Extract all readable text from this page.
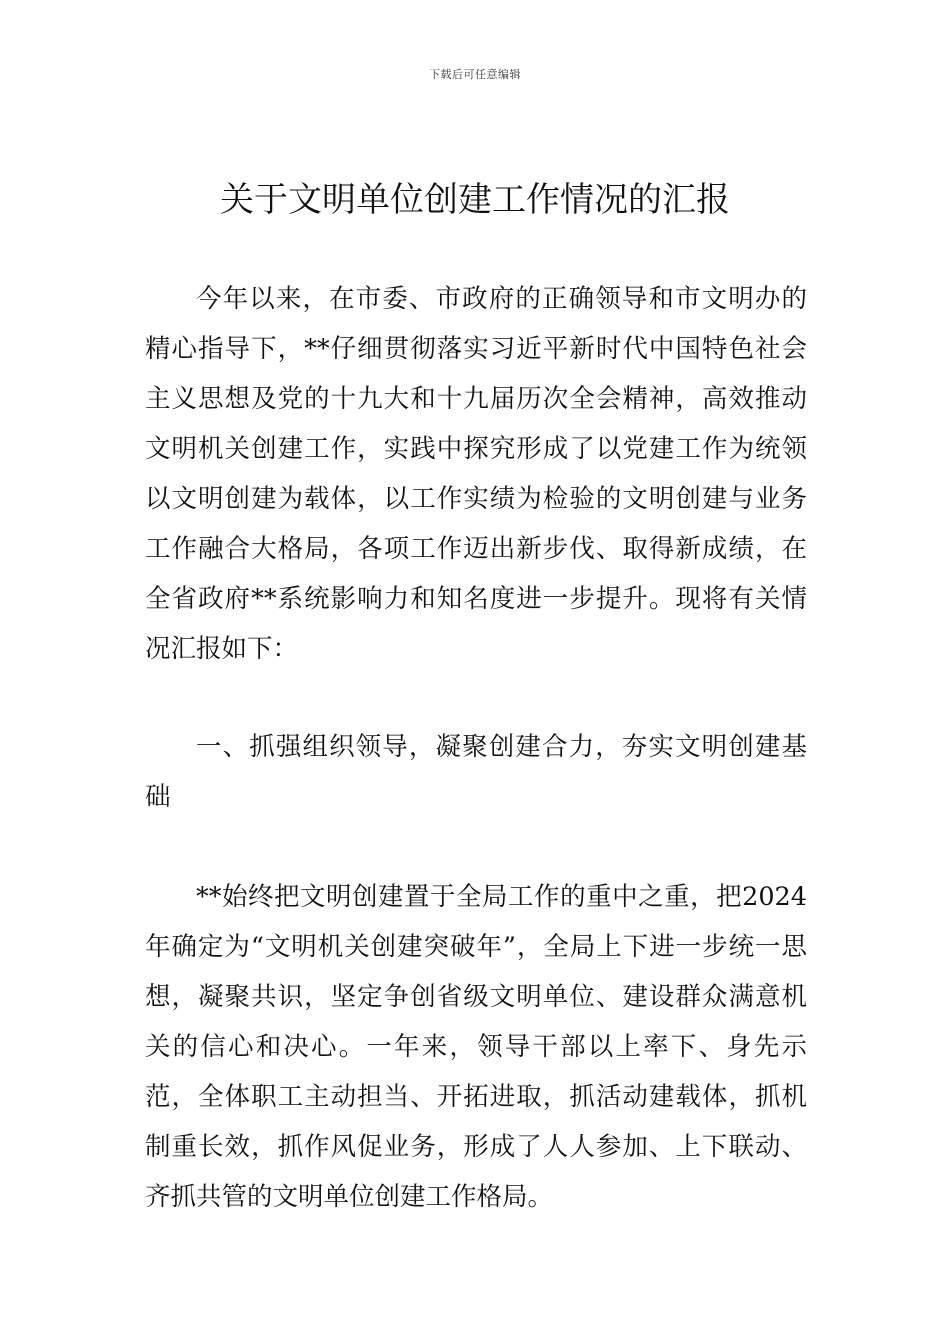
下载后可任意编辑
关于文明单位创建工作情况的汇报

今年以来，在市委、市政府的正确领导和市文明办的精心指导下，**仔细贯彻落实习近平新时代中国特色社会主义思想及党的十九大和十九届历次全会精神，高效推动文明机关创建工作，实践中探究形成了以党建工作为统领以文明创建为载体，以工作实绩为检验的文明创建与业务工作融合大格局，各项工作迈出新步伐、取得新成绩，在全省政府**系统影响力和知名度进一步提升。现将有关情况汇报如下：

一、抓强组织领导，凝聚创建合力，夯实文明创建基础

**始终把文明创建置于全局工作的重中之重，把2024年确定为“文明机关创建突破年”，全局上下进一步统一思想，凝聚共识，坚定争创省级文明单位、建设群众满意机关的信心和决心。一年来，领导干部以上率下、身先示范，全体职工主动担当、开拓进取，抓活动建载体，抓机制重长效，抓作风促业务，形成了人人参加、上下联动、齐抓共管的文明单位创建工作格局。
